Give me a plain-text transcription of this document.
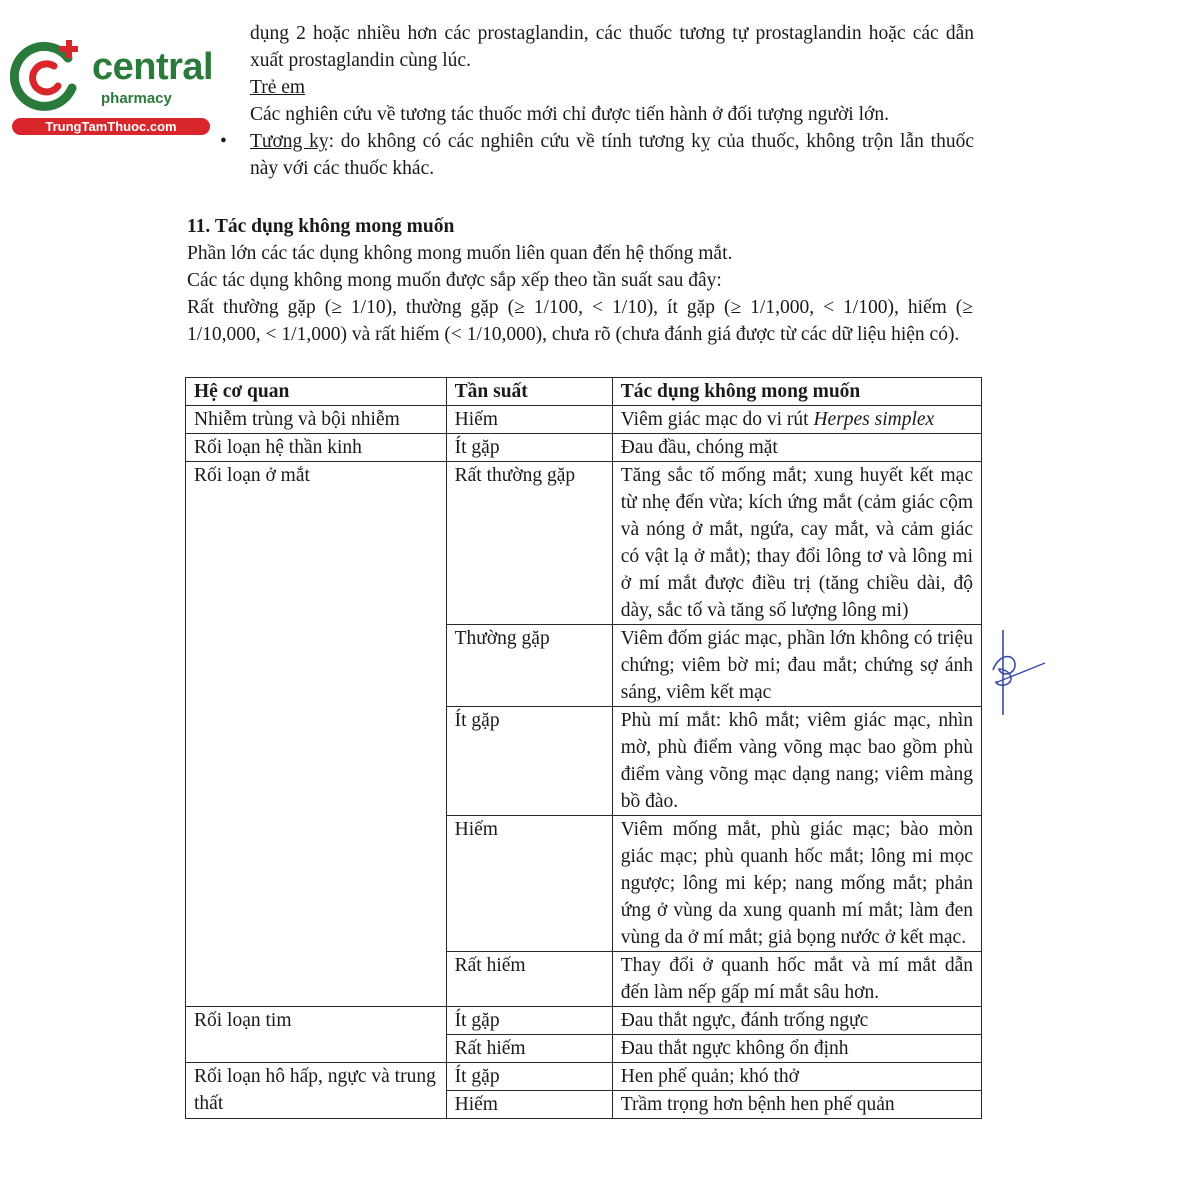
central
pharmacy
TrungTamThuoc.com

dụng 2 hoặc nhiều hơn các prostaglandin, các thuốc tương tự prostaglandin hoặc các dẫn xuất prostaglandin cùng lúc.

Trẻ em

Các nghiên cứu về tương tác thuốc mới chỉ được tiến hành ở đối tượng người lớn.

• Tương kỵ: do không có các nghiên cứu về tính tương kỵ của thuốc, không trộn lẫn thuốc này với các thuốc khác.

11. Tác dụng không mong muốn

Phần lớn các tác dụng không mong muốn liên quan đến hệ thống mắt.

Các tác dụng không mong muốn được sắp xếp theo tần suất sau đây:

Rất thường gặp (≥ 1/10), thường gặp (≥ 1/100, < 1/10), ít gặp (≥ 1/1,000, < 1/100), hiếm (≥ 1/10,000, < 1/1,000) và rất hiếm (< 1/10,000), chưa rõ (chưa đánh giá được từ các dữ liệu hiện có).

Hệ cơ quan	Tần suất	Tác dụng không mong muốn
Nhiễm trùng và bội nhiễm	Hiếm	Viêm giác mạc do vi rút Herpes simplex
Rối loạn hệ thần kinh	Ít gặp	Đau đầu, chóng mặt
Rối loạn ở mắt	Rất thường gặp	Tăng sắc tố mống mắt; xung huyết kết mạc từ nhẹ đến vừa; kích ứng mắt (cảm giác cộm và nóng ở mắt, ngứa, cay mắt, và cảm giác có vật lạ ở mắt); thay đổi lông tơ và lông mi ở mí mắt được điều trị (tăng chiều dài, độ dày, sắc tố và tăng số lượng lông mi)
	Thường gặp	Viêm đốm giác mạc, phần lớn không có triệu chứng; viêm bờ mi; đau mắt; chứng sợ ánh sáng, viêm kết mạc
	Ít gặp	Phù mí mắt: khô mắt; viêm giác mạc, nhìn mờ, phù điểm vàng võng mạc bao gồm phù điểm vàng võng mạc dạng nang; viêm màng bồ đào.
	Hiếm	Viêm mống mắt, phù giác mạc; bào mòn giác mạc; phù quanh hốc mắt; lông mi mọc ngược; lông mi kép; nang mống mắt; phản ứng ở vùng da xung quanh mí mắt; làm đen vùng da ở mí mắt; giả bọng nước ở kết mạc.
	Rất hiếm	Thay đổi ở quanh hốc mắt và mí mắt dẫn đến làm nếp gấp mí mắt sâu hơn.
Rối loạn tim	Ít gặp	Đau thắt ngực, đánh trống ngực
	Rất hiếm	Đau thắt ngực không ổn định
Rối loạn hô hấp, ngực và trung thất	Ít gặp	Hen phế quản; khó thở
	Hiếm	Trầm trọng hơn bệnh hen phế quản
